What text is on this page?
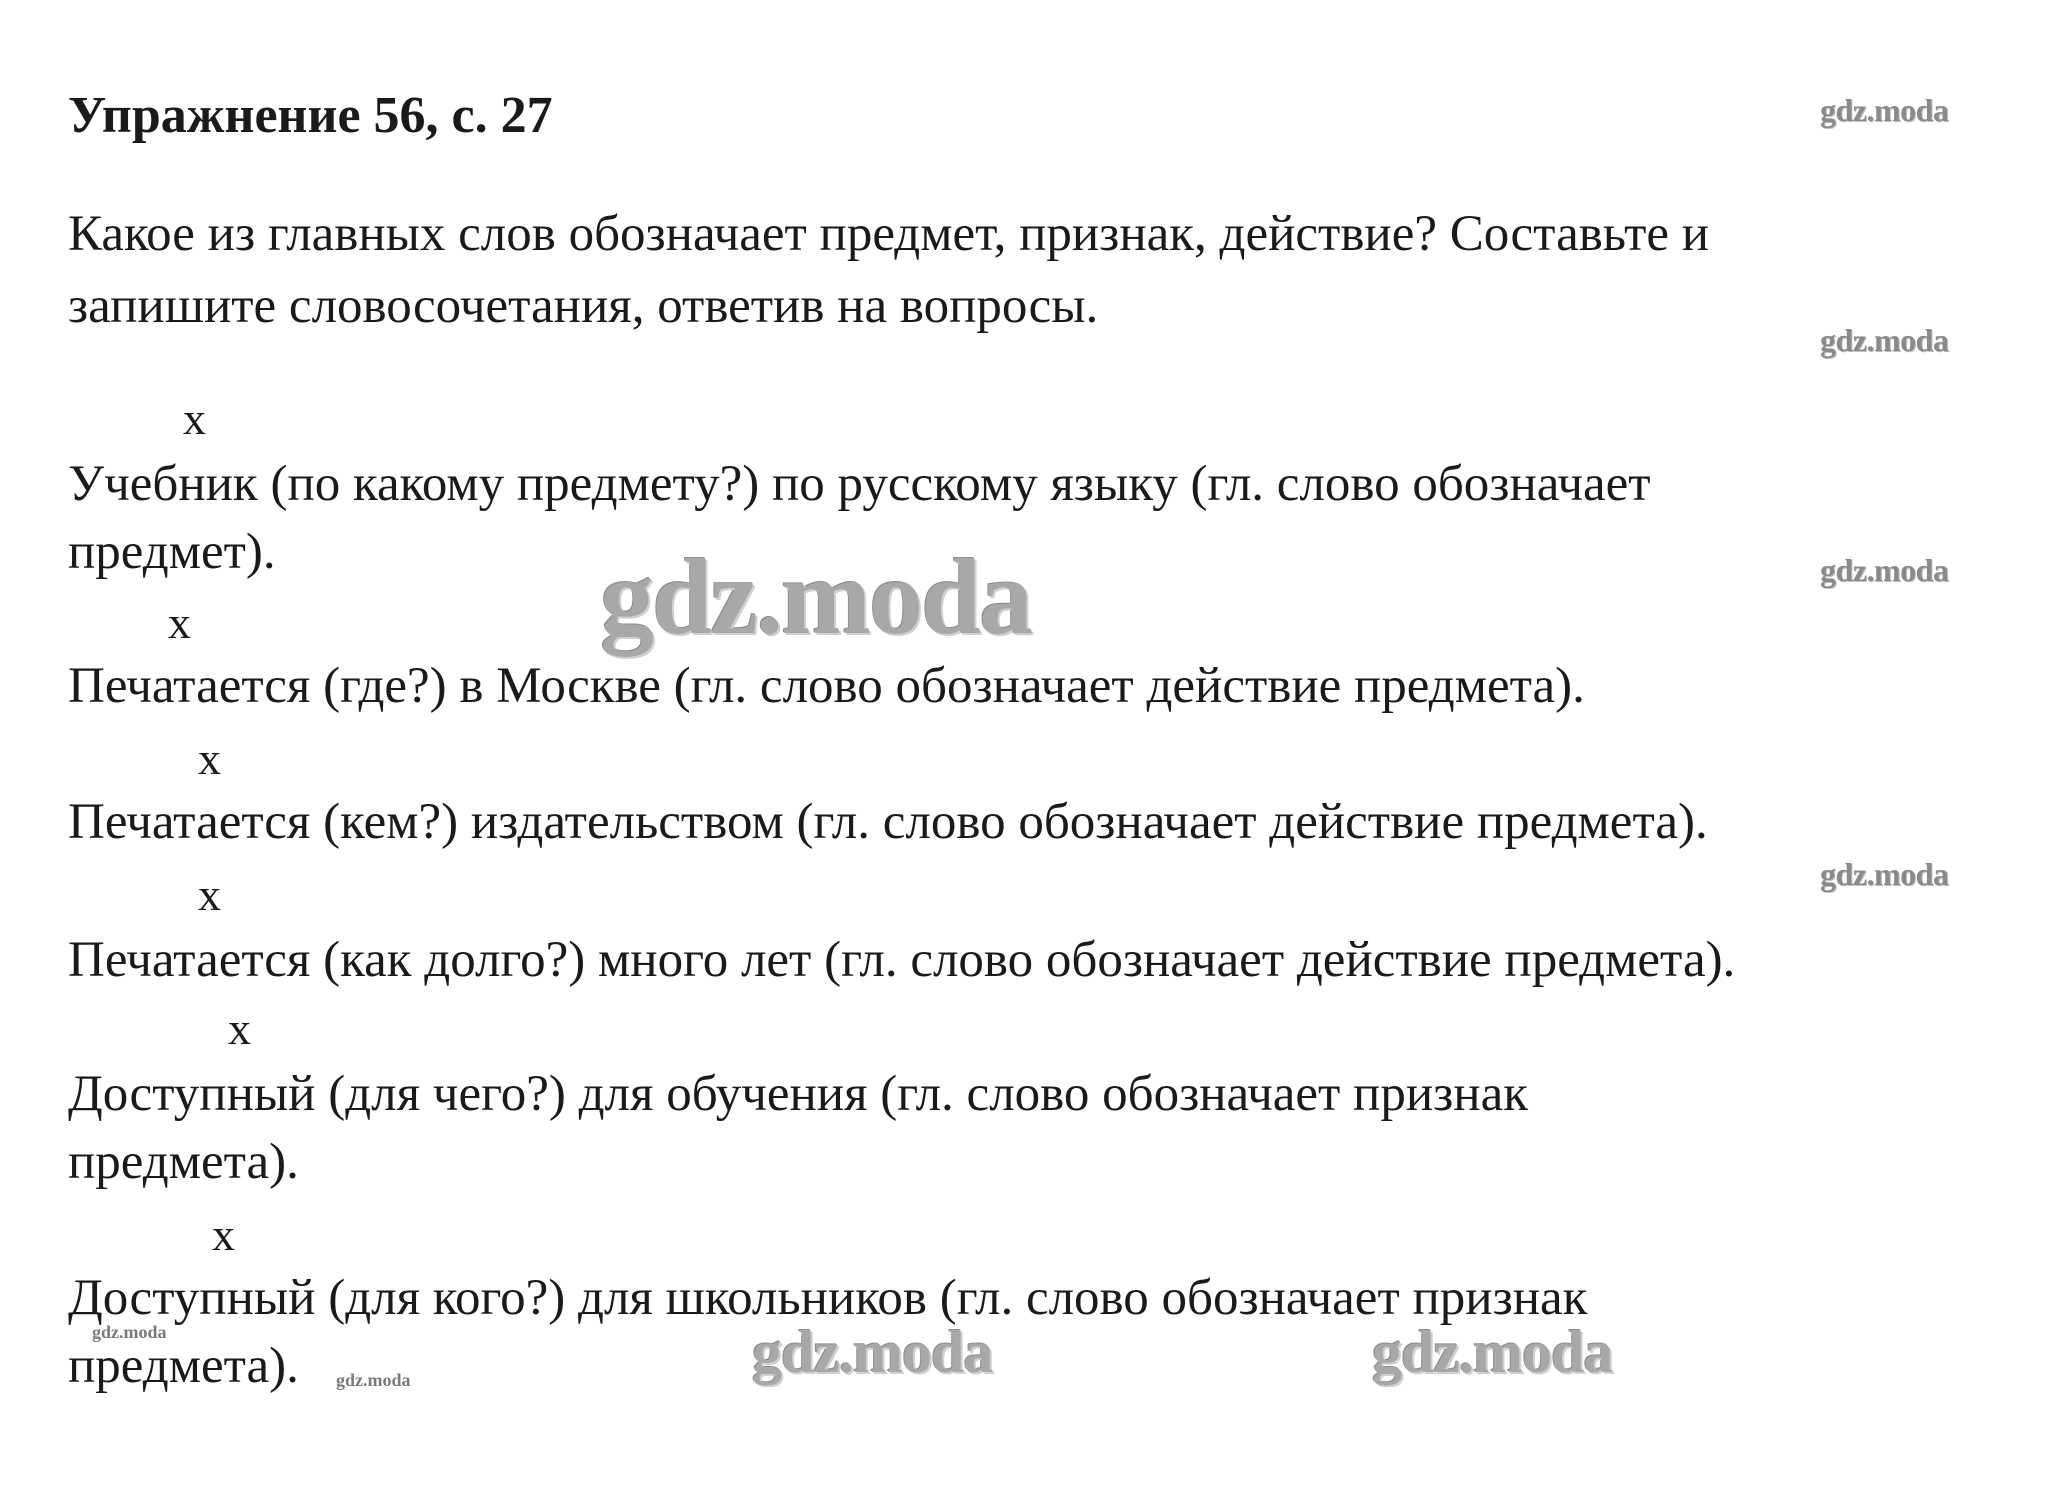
Упражнение 56, с. 27
Какое из главных слов обозначает предмет, признак, действие? Составьте и
запишите словосочетания, ответив на вопросы.
x
Учебник (по какому предмету?) по русскому языку (гл. слово обозначает
предмет).
x
Печатается (где?) в Москве (гл. слово обозначает действие предмета).
x
Печатается (кем?) издательством (гл. слово обозначает действие предмета).
x
Печатается (как долго?) много лет (гл. слово обозначает действие предмета).
x
Доступный (для чего?) для обучения (гл. слово обозначает признак
предмета).
x
Доступный (для кого?) для школьников (гл. слово обозначает признак
предмета).
gdz.moda
gdz.moda
gdz.moda
gdz.moda
gdz.moda
gdz.moda	gdz.moda
gdz.moda
gdz.moda
